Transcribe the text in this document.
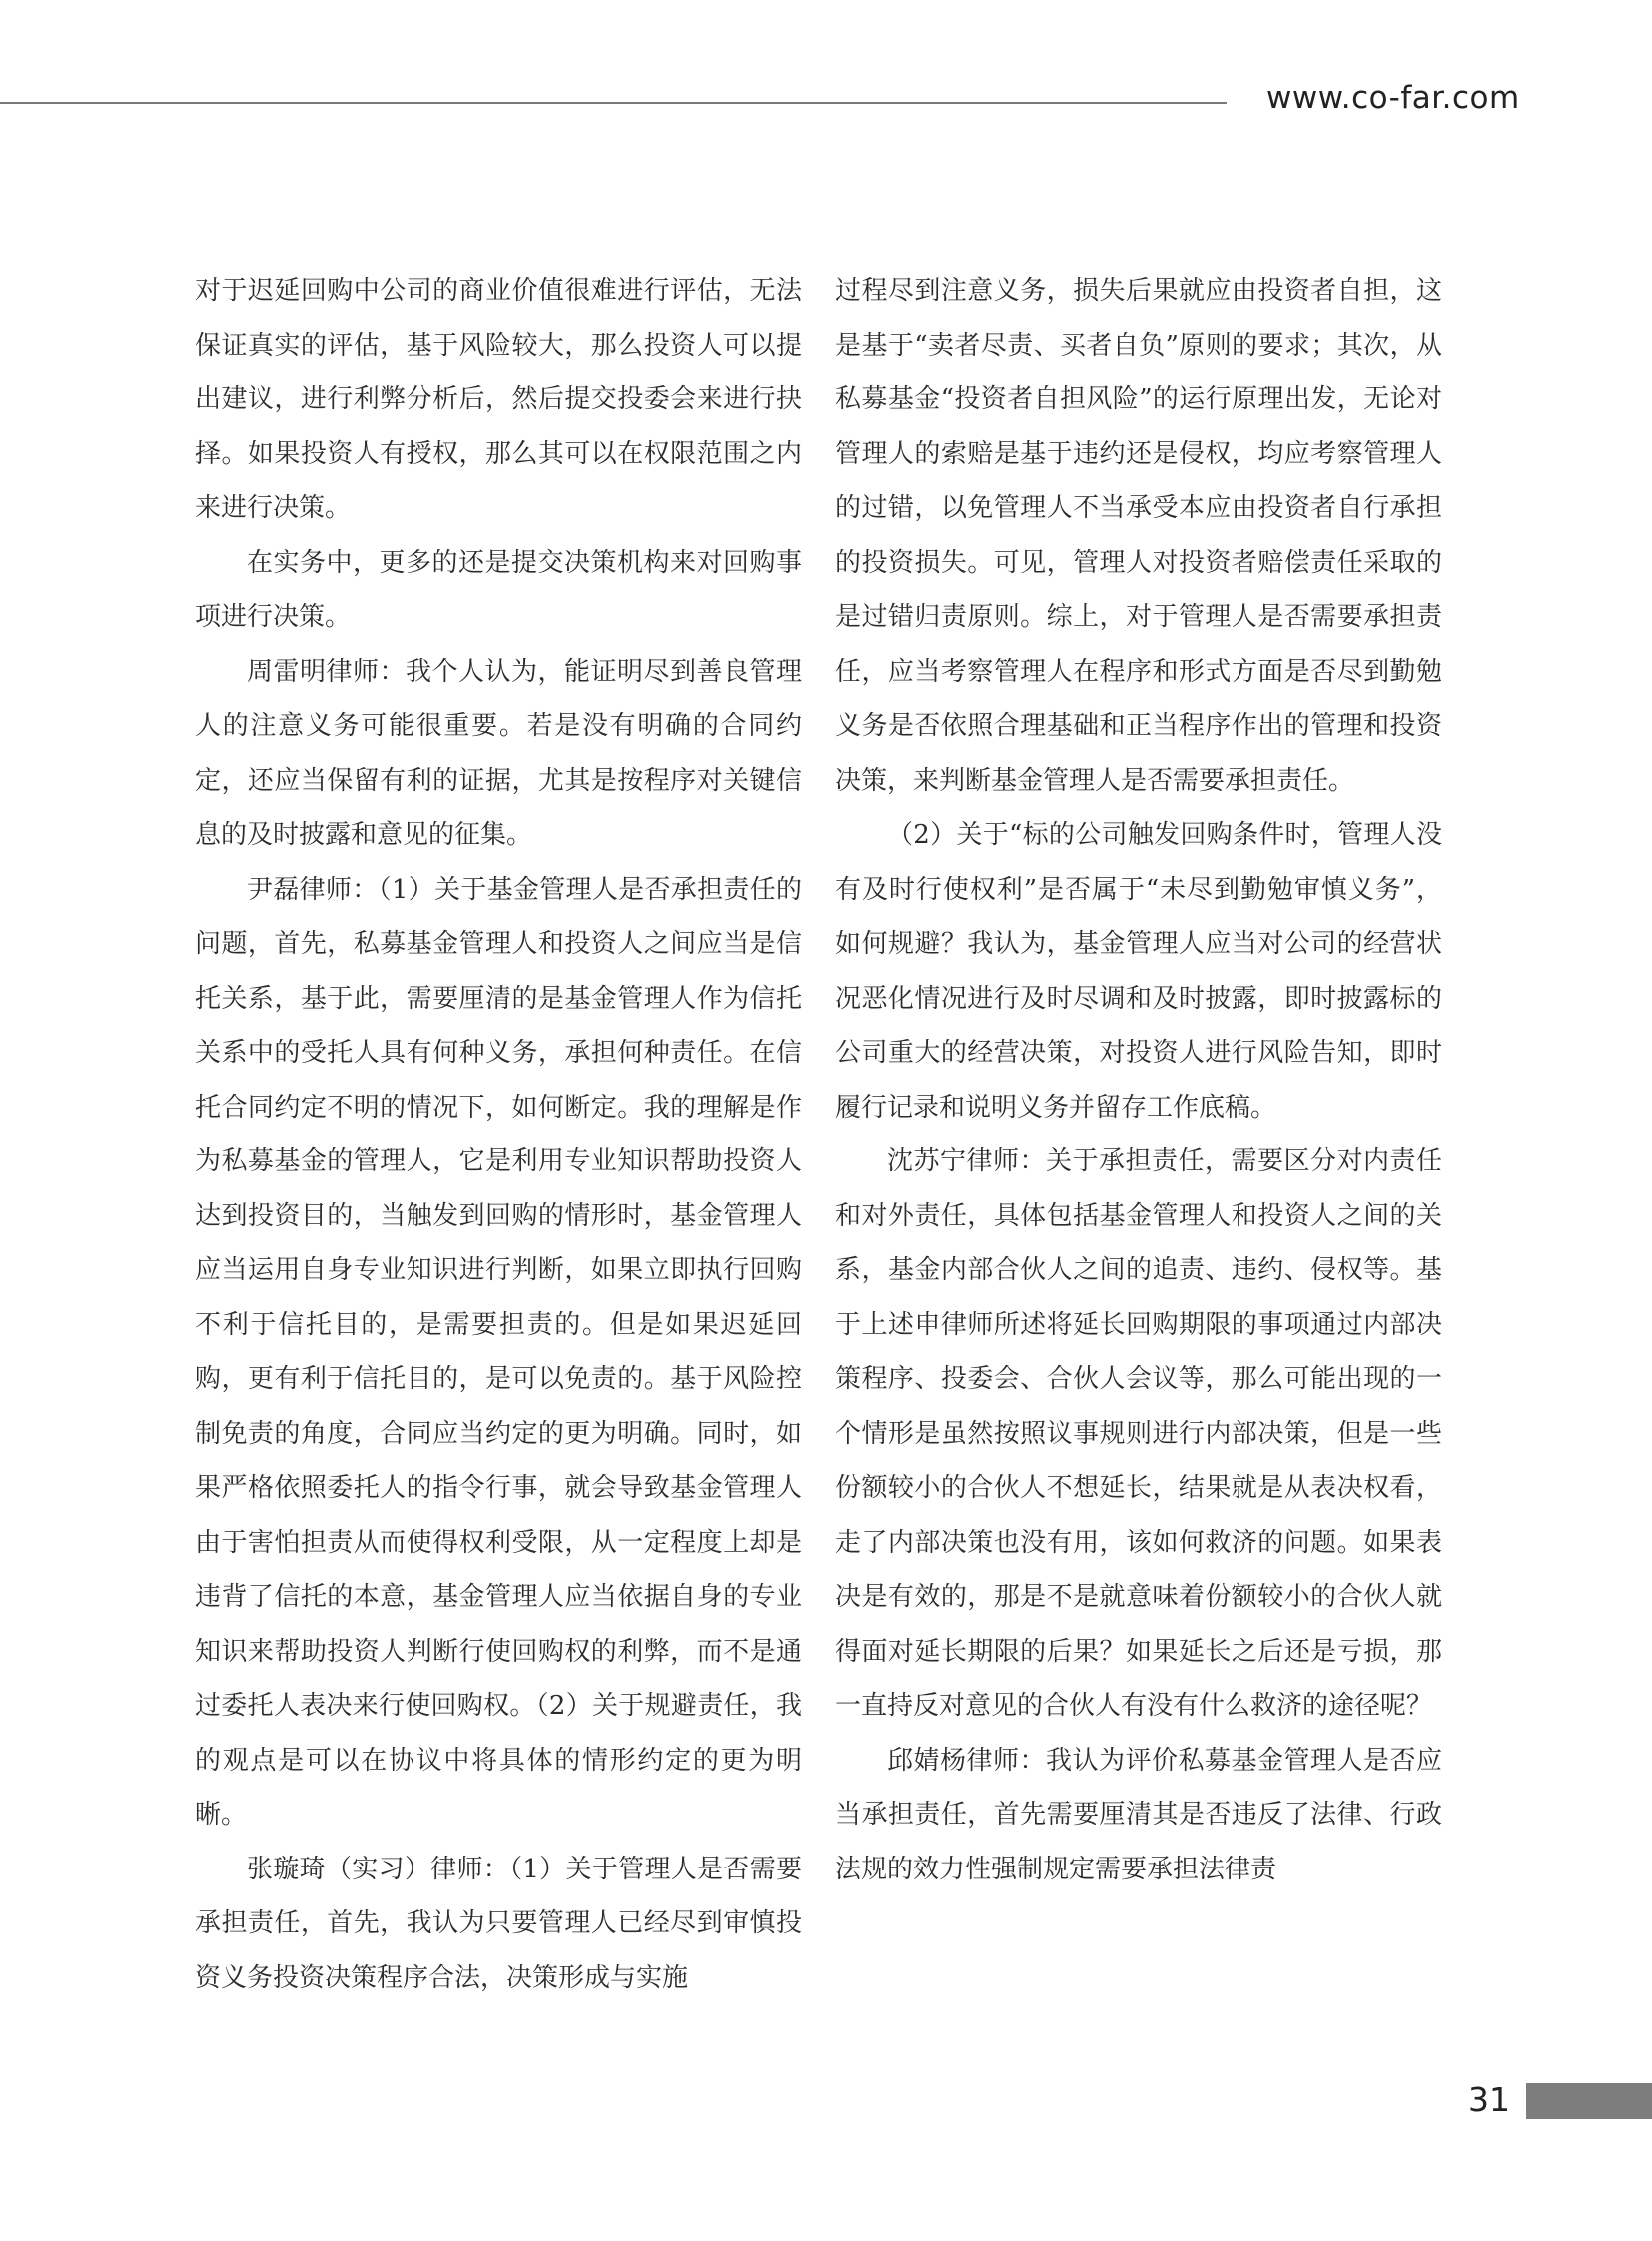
www.co-far.com

对于迟延回购中公司的商业价值很难进行评估，无法保证真实的评估，基于风险较大，那么投资人可以提出建议，进行利弊分析后，然后提交投委会来进行抉择。如果投资人有授权，那么其可以在权限范围之内来进行决策。

在实务中，更多的还是提交决策机构来对回购事项进行决策。

周雷明律师：我个人认为，能证明尽到善良管理人的注意义务可能很重要。若是没有明确的合同约定，还应当保留有利的证据，尤其是按程序对关键信息的及时披露和意见的征集。

尹磊律师：（1）关于基金管理人是否承担责任的问题，首先，私募基金管理人和投资人之间应当是信托关系，基于此，需要厘清的是基金管理人作为信托关系中的受托人具有何种义务，承担何种责任。在信托合同约定不明的情况下，如何断定。我的理解是作为私募基金的管理人，它是利用专业知识帮助投资人达到投资目的，当触发到回购的情形时，基金管理人应当运用自身专业知识进行判断，如果立即执行回购不利于信托目的，是需要担责的。但是如果迟延回购，更有利于信托目的，是可以免责的。基于风险控制免责的角度，合同应当约定的更为明确。同时，如果严格依照委托人的指令行事，就会导致基金管理人由于害怕担责从而使得权利受限，从一定程度上却是违背了信托的本意，基金管理人应当依据自身的专业知识来帮助投资人判断行使回购权的利弊，而不是通过委托人表决来行使回购权。（2）关于规避责任，我的观点是可以在协议中将具体的情形约定的更为明晰。

张璇琦（实习）律师：（1）关于管理人是否需要承担责任，首先，我认为只要管理人已经尽到审慎投资义务投资决策程序合法，决策形成与实施

过程尽到注意义务，损失后果就应由投资者自担，这是基于“卖者尽责、买者自负”原则的要求；其次，从私募基金“投资者自担风险”的运行原理出发，无论对管理人的索赔是基于违约还是侵权，均应考察管理人的过错，以免管理人不当承受本应由投资者自行承担的投资损失。可见，管理人对投资者赔偿责任采取的是过错归责原则。综上，对于管理人是否需要承担责任，应当考察管理人在程序和形式方面是否尽到勤勉义务是否依照合理基础和正当程序作出的管理和投资决策，来判断基金管理人是否需要承担责任。

（2）关于“标的公司触发回购条件时，管理人没有及时行使权利”是否属于“未尽到勤勉审慎义务”，如何规避？我认为，基金管理人应当对公司的经营状况恶化情况进行及时尽调和及时披露，即时披露标的公司重大的经营决策，对投资人进行风险告知，即时履行记录和说明义务并留存工作底稿。

沈苏宁律师：关于承担责任，需要区分对内责任和对外责任，具体包括基金管理人和投资人之间的关系，基金内部合伙人之间的追责、违约、侵权等。基于上述申律师所述将延长回购期限的事项通过内部决策程序、投委会、合伙人会议等，那么可能出现的一个情形是虽然按照议事规则进行内部决策，但是一些份额较小的合伙人不想延长，结果就是从表决权看，走了内部决策也没有用，该如何救济的问题。如果表决是有效的，那是不是就意味着份额较小的合伙人就得面对延长期限的后果？如果延长之后还是亏损，那一直持反对意见的合伙人有没有什么救济的途径呢？

邱婧杨律师：我认为评价私募基金管理人是否应当承担责任，首先需要厘清其是否违反了法律、行政法规的效力性强制规定需要承担法律责

31
